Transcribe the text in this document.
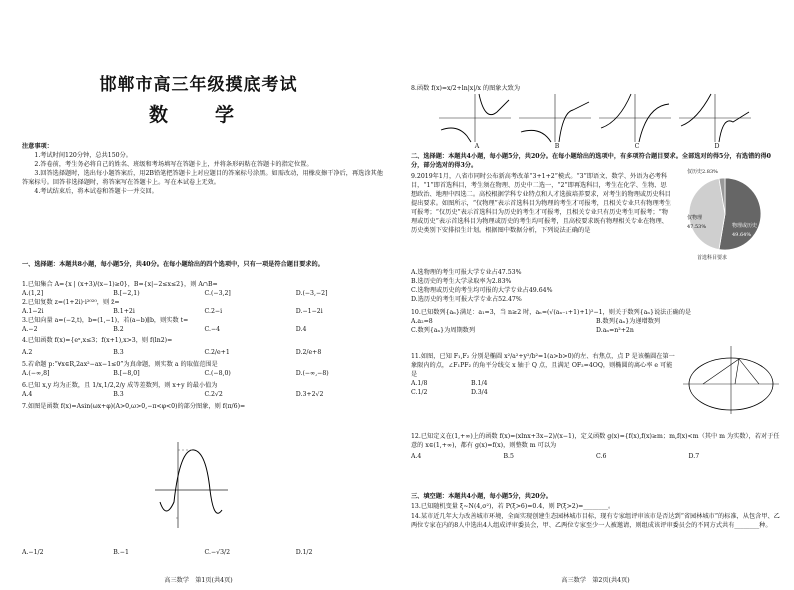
邯郸市高三年级摸底考试
数　学
注意事项：
1.考试时间120分钟，总共150分。
2.答卷前，考生务必将自己的姓名、班级和考场填写在答题卡上，并将条形码粘在答题卡的指定位置。
3.回答选择题时，选出每小题答案后，用2B铅笔把答题卡上对应题目的答案标号涂黑。如需改动，用橡皮擦干净后，再选涂其他答案标号。回答非选择题时，将答案写在答题卡上。写在本试卷上无效。
4.考试结束后，将本试卷和答题卡一并交回。
一、选择题：本题共8小题，每小题5分，共40分。在每小题给出的四个选项中，只有一项是符合题目要求的。
1.已知集合 A={x | (x+3)/(x−1)≥0}，B={x|−2≤x≤2}，则 A∩B=
A.(1,2]	B.[−2,1)	C.(−3,2]	D.(−3,−2]
2.已知复数 z=(1+2i)·i²⁰²⁰，则 z̄=
A.1−2i	B.1+2i	C.2−i	D.−1−2i
3.已知向量 a=(−2,t)，b=(1,−1)，若(a−b)∥b，则实数 t=
A.−2	B.2	C.−4	D.4
4.已知函数 f(x)={eˣ,x≤3；f(x+1),x>3，则 f(ln2)=
A.2	B.3	C.2/e+1	D.2/e+8
5.若命题 p:“∀x∈R,2ax²−ax−1≤0”为真命题，则实数 a 的取值范围是
A.(−∞,8]	B.[−8,0]	C.(−8,0)	D.(−∞,−8)
6.已知 x,y 均为正数，且 1/x,1/2,2/y 成等差数列，则 x+y 的最小值为
A.4	B.3	C.2√2	D.3+2√2
7.如图是函数 f(x)=Asin(ωx+φ)(A>0,ω>0,−π<φ<0)的部分图象，则 f(π/6)=
A.−1/2	B.−1	C.−√3/2	D.1/2
高三数学　第1页(共4页)
8.函数 f(x)=x/2+ln|x|/x 的图象大致为
A	B	C	D
二、选择题：本题共4小题，每小题5分，共20分。在每小题给出的选项中，有多项符合题目要求。全部选对的得5分，有选错的得0分，部分选对的得3分。
9.2019年1月，八省市同时公布新高考改革“3+1+2”模式。“3”即语文、数学、外语为必考科目，“1”即首选科目，考生须在物理、历史中二选一，“2”即再选科目，考生在化学、生物、思想政治、地理中四选二。高校根据学科专业特点和人才选拔培养要求，对考生的物理或历史科目提出要求。如图所示，“仅物理”表示首选科目为物理的考生才可报考，且相关专业只有物理考生可报考；“仅历史”表示首选科目为历史的考生才可报考，且相关专业只有历史考生可报考；“物理或历史”表示首选科目为物理或历史的考生均可报考，且高校要求既有物理相关专业在物理、历史类别下安排招生计划。根据图中数据分析，下列说法正确的是
仅历史2.83%
物理或历史 49.64%
仅物理 47.53%
首选科目要求
A.选物理的考生可报大学专业占47.53%
B.选历史的考生大学录取率为2.83%
C.选物理或历史的考生均可报的大学专业占49.64%
D.选历史的考生可报大学专业占52.47%
10.已知数列{aₙ}满足：a₁=3，当 n≥2 时，aₙ=(√(aₙ₋₁+1)+1)²−1，则关于数列{aₙ}说法正确的是
A.a₂=8	B.数列{aₙ}为递增数列
C.数列{aₙ}为周期数列	D.aₙ=n²+2n
11.如图，已知 F₁,F₂ 分别是椭圆 x²/a²+y²/b²=1(a>b>0)的左、右焦点，点 P 是该椭圆在第一象限内的点，∠F₁PF₂ 的角平分线交 x 轴于 Q 点，且满足 OF₂=4OQ，则椭圆的离心率 e 可能是
A.1/8	B.1/4
C.1/2	D.3/4
12.已知定义在(1,+∞)上的函数 f(x)=(xlnx+3x−2)/(x−1)，定义函数 g(x)={f(x),f(x)≥m；m,f(x)<m（其中 m 为实数），若对于任意的 x∈(1,+∞)，都有 g(x)=f(x)，则整数 m 可以为
A.4	B.5	C.6	D.7
三、填空题：本题共4小题，每小题5分，共20分。
13.已知随机变量 ξ~N(4,σ²)，若 P(ξ>6)=0.4，则 P(ξ>2)=________。
14.某市近几年大力改善城市环境，全面实现创建生态园林城市目标，现有专家组评审该市是否达到“省园林城市”的标准，从包含甲、乙两位专家在内的8人中选出4人组成评审委员会，甲、乙两位专家至少一人被邀请，则组成该评审委员会的不同方式共有________种。
高三数学　第2页(共4页)
